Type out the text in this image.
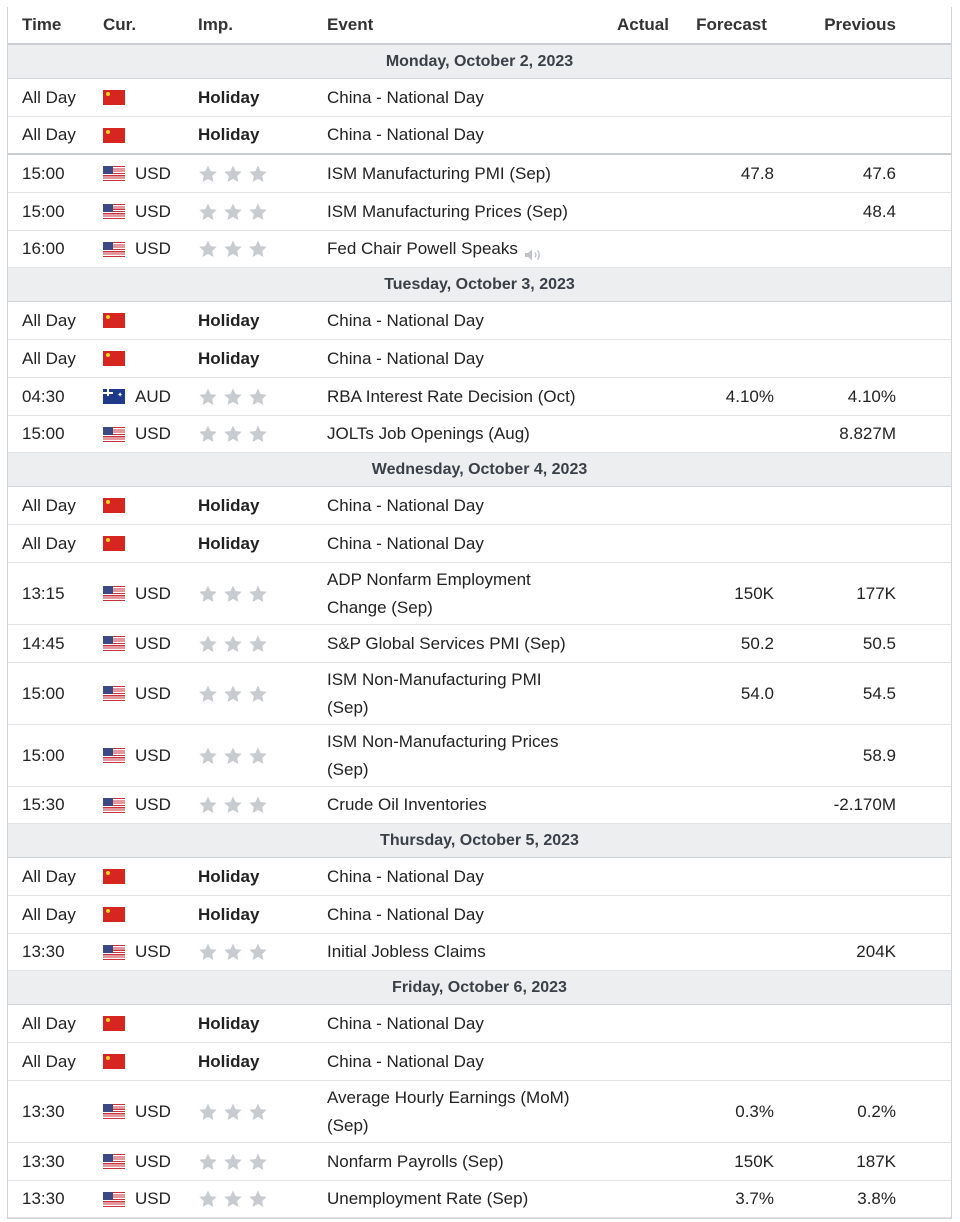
Time	Cur.	Imp.	Event	Actual	Forecast	Previous
Monday, October 2, 2023
All Day	Holiday	China - National Day
All Day	Holiday	China - National Day
15:00	USD	ISM Manufacturing PMI (Sep)	47.8	47.6
15:00	USD	ISM Manufacturing Prices (Sep)	48.4
16:00	USD	Fed Chair Powell Speaks
Tuesday, October 3, 2023
All Day	Holiday	China - National Day
All Day	Holiday	China - National Day
04:30
✦	AUD	RBA Interest Rate Decision (Oct)	4.10%	4.10%
15:00	USD	JOLTs Job Openings (Aug)	8.827M
Wednesday, October 4, 2023
All Day	Holiday	China - National Day
All Day	Holiday	China - National Day
13:15	USD
ADP Nonfarm Employment Change (Sep)
150K	177K
14:45	USD	S&P Global Services PMI (Sep)	50.2	50.5
15:00	USD
ISM Non-Manufacturing PMI (Sep)
54.0	54.5
15:00	USD
ISM Non-Manufacturing Prices (Sep)
58.9
15:30	USD	Crude Oil Inventories	-2.170M
Thursday, October 5, 2023
All Day	Holiday	China - National Day
All Day	Holiday	China - National Day
13:30	USD	Initial Jobless Claims	204K
Friday, October 6, 2023
All Day	Holiday	China - National Day
All Day	Holiday	China - National Day
13:30	USD
Average Hourly Earnings (MoM) (Sep)
0.3%	0.2%
13:30	USD	Nonfarm Payrolls (Sep)	150K	187K
13:30	USD	Unemployment Rate (Sep)	3.7%	3.8%
